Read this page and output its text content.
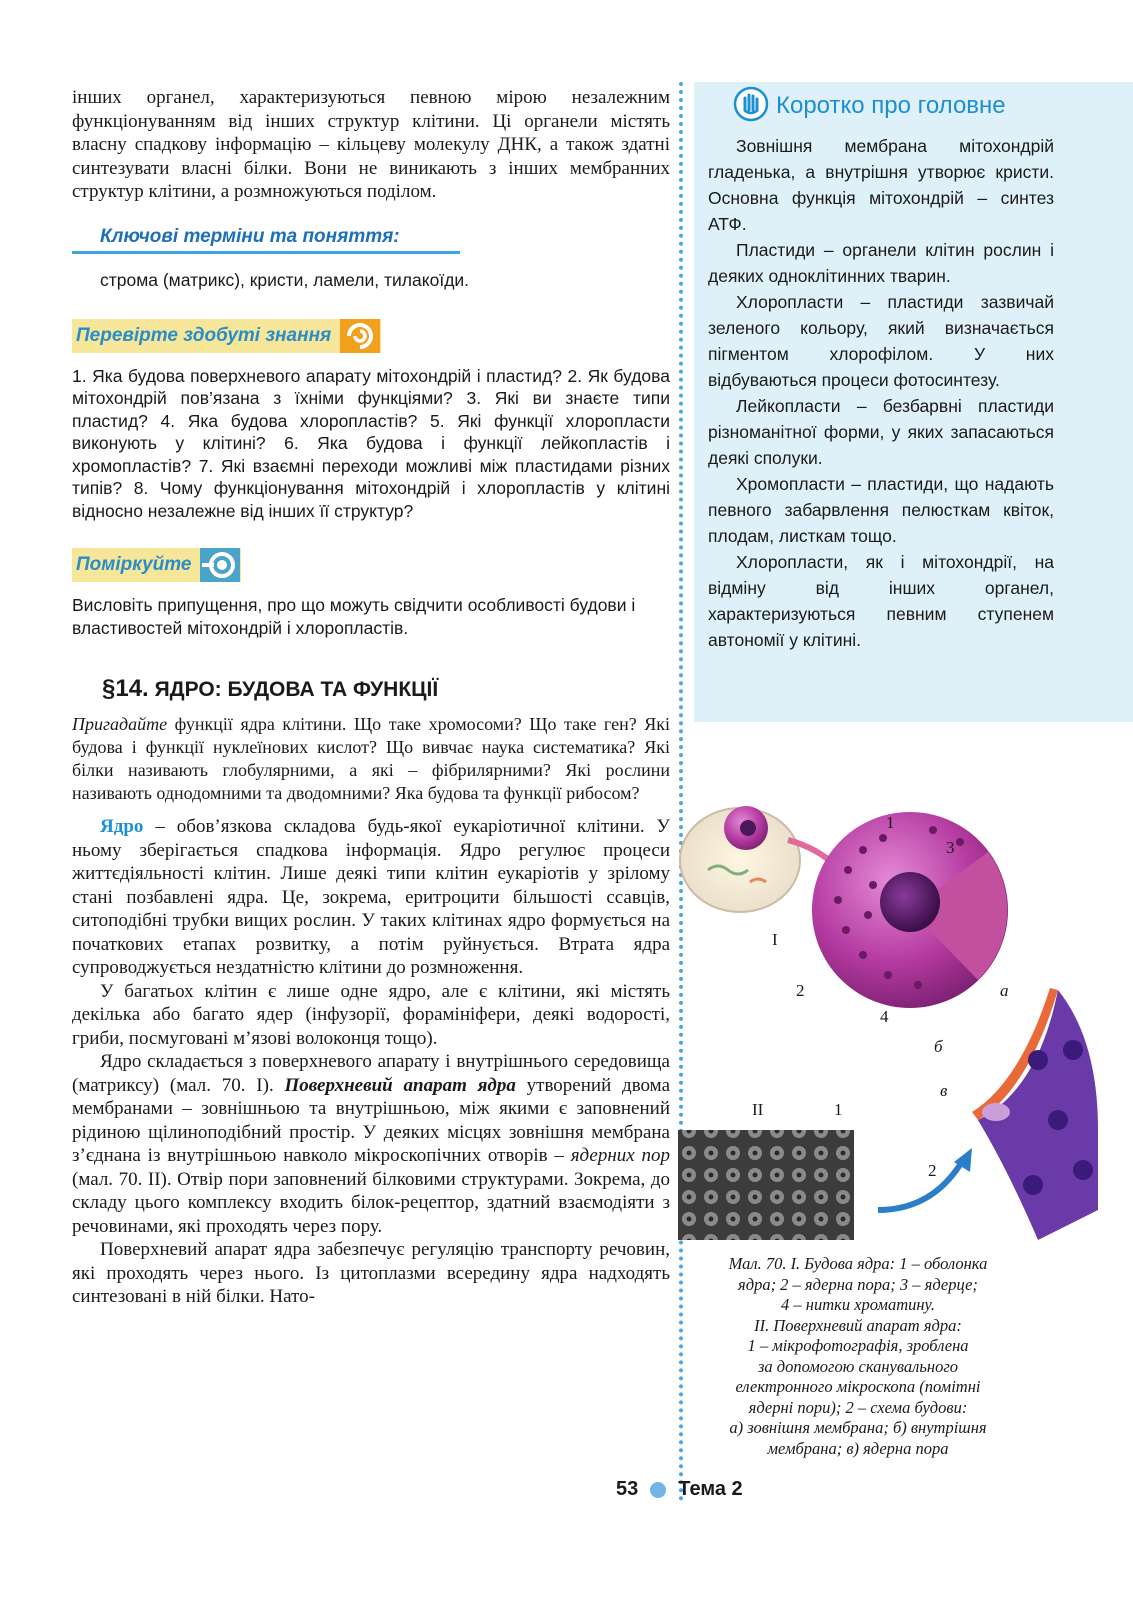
інших органел, характеризуються певною мірою незалежним функціонуванням від інших структур клітини. Ці органели містять власну спадкову інформацію – кільцеву молекулу ДНК, а також здатні синтезувати власні білки. Вони не виникають з інших мембранних структур клітини, а розмножуються поділом.

Ключові терміни та поняття:

строма (матрикс), кристи, ламели, тилакоїди.

Перевірте здобуті знання

1. Яка будова поверхневого апарату мітохондрій і пластид? 2. Як будова мітохондрій пов’язана з їхніми функціями? 3. Які ви знаєте типи пластид? 4. Яка будова хлоропластів? 5. Які функції хлоропласти виконують у клітині? 6. Яка будова і функції лейкопластів і хромопластів? 7. Які взаємні переходи можливі між пластидами різних типів? 8. Чому функціонування мітохондрій і хлоропластів у клітині відносно незалежне від інших її структур?

Поміркуйте

Висловіть припущення, про що можуть свідчити особливості будови і властивостей мітохондрій і хлоропластів.

§14. ЯДРО: БУДОВА ТА ФУНКЦІЇ

Пригадайте функції ядра клітини. Що таке хромосоми? Що таке ген? Які будова і функції нуклеїнових кислот? Що вивчає наука систематика? Які білки називають глобулярними, а які – фібрилярними? Які рослини називають однодомними та дводомними? Яка будова та функції рибосом?

Ядро – обов’язкова складова будь-якої еукаріотичної клітини. У ньому зберігається спадкова інформація. Ядро регулює процеси життєдіяльності клітин. Лише деякі типи клітин еукаріотів у зрілому стані позбавлені ядра. Це, зокрема, еритроцити більшості ссавців, ситоподібні трубки вищих рослин. У таких клітинах ядро формується на початкових етапах розвитку, а потім руйнується. Втрата ядра супроводжується нездатністю клітини до розмноження.

У багатьох клітин є лише одне ядро, але є клітини, які містять декілька або багато ядер (інфузорії, форамініфери, деякі водорості, гриби, посмуговані м’язові волоконця тощо).

Ядро складається з поверхневого апарату і внутрішнього середовища (матриксу) (мал. 70. І). Поверхневий апарат ядра утворений двома мембранами – зовнішньою та внутрішньою, між якими є заповнений рідиною щілиноподібний простір. У деяких місцях зовнішня мембрана з’єднана із внутрішньою навколо мікроскопічних отворів – ядерних пор (мал. 70. ІІ). Отвір пори заповнений білковими структурами. Зокрема, до складу цього комплексу входить білок-рецептор, здатний взаємодіяти з речовинами, які проходять через пору.

Поверхневий апарат ядра забезпечує регуляцію транспорту речовин, які проходять через нього. Із цитоплазми всередину ядра надходять синтезовані в ній білки. Нато-

Коротко про головне

Зовнішня мембрана мітохондрій гладенька, а внутрішня утворює кристи. Основна функція мітохондрій – синтез АТФ.

Пластиди – органели клітин рослин і деяких одноклітинних тварин.

Хлоропласти – пластиди зазвичай зеленого кольору, який визначається пігментом хлорофілом. У них відбуваються процеси фотосинтезу.

Лейкопласти – безбарвні пластиди різноманітної форми, у яких запасаються деякі сполуки.

Хромопласти – пластиди, що надають певного забарвлення пелюсткам квіток, плодам, листкам тощо.

Хлоропласти, як і мітохондрії, на відміну від інших органел, характеризуються певним ступенем автономії у клітині.

І
1
3
2
4
а
б
в
ІІ	1
2
Мал. 70. І. Будова ядра: 1 – оболонка
ядра; 2 – ядерна пора; 3 – ядерце;
4 – нитки хроматину.
ІІ. Поверхневий апарат ядра:
1 – мікрофотографія, зроблена
за допомогою сканувального
електронного мікроскопа (помітні
ядерні пори); 2 – схема будови:
а) зовнішня мембрана; б) внутрішня
мембрана; в) ядерна пора
53 Тема 2
